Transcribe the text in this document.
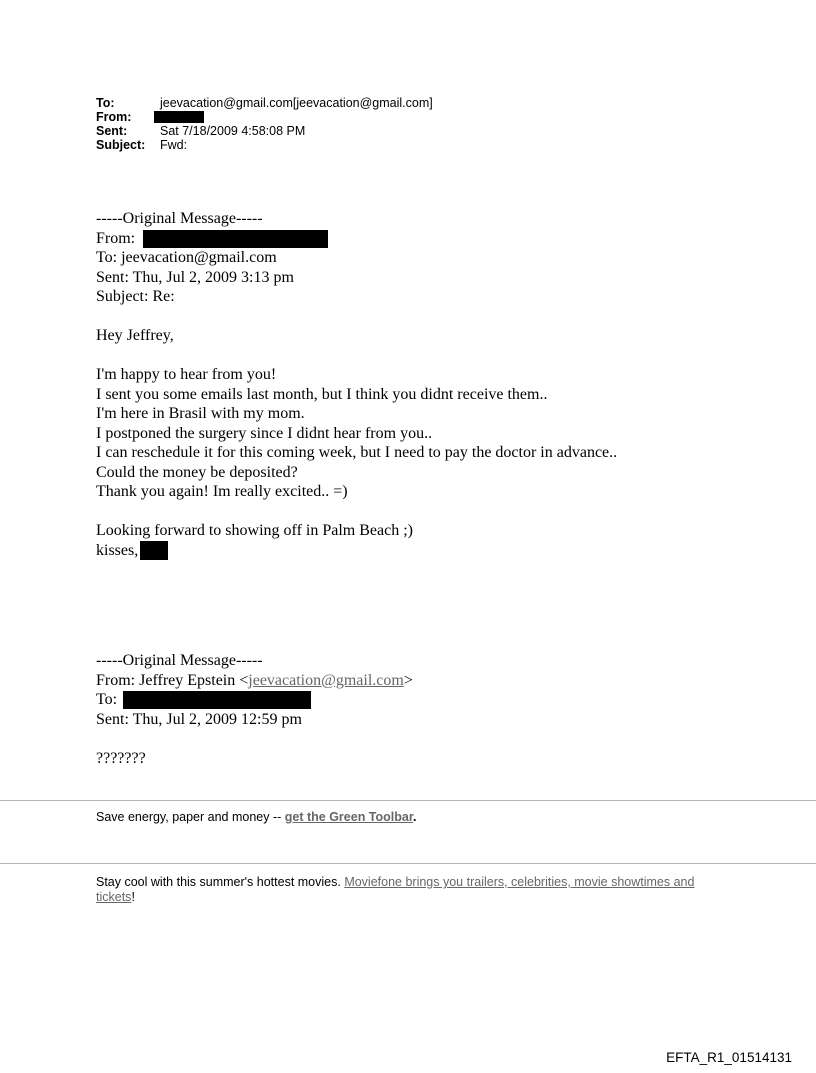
To:	jeevacation@gmail.com[jeevacation@gmail.com]
From:
Sent:	Sat 7/18/2009 4:58:08 PM
Subject:	Fwd:
-----Original Message-----
From:
To: jeevacation@gmail.com
Sent: Thu, Jul 2, 2009 3:13 pm
Subject: Re:
Hey Jeffrey,
I'm happy to hear from you!
I sent you some emails last month, but I think you didnt receive them..
I'm here in Brasil with my mom.
I postponed the surgery since I didnt hear from you..
I can reschedule it for this coming week, but I need to pay the doctor in advance..
Could the money be deposited?
Thank you again! Im really excited.. =)
Looking forward to showing off in Palm Beach ;)
kisses,
-----Original Message-----
From: Jeffrey Epstein <jeevacation@gmail.com>
To:
Sent: Thu, Jul 2, 2009 12:59 pm
???????
Save energy, paper and money -- get the Green Toolbar.
Stay cool with this summer's hottest movies. Moviefone brings you trailers, celebrities, movie showtimes and tickets!
EFTA_R1_01514131
